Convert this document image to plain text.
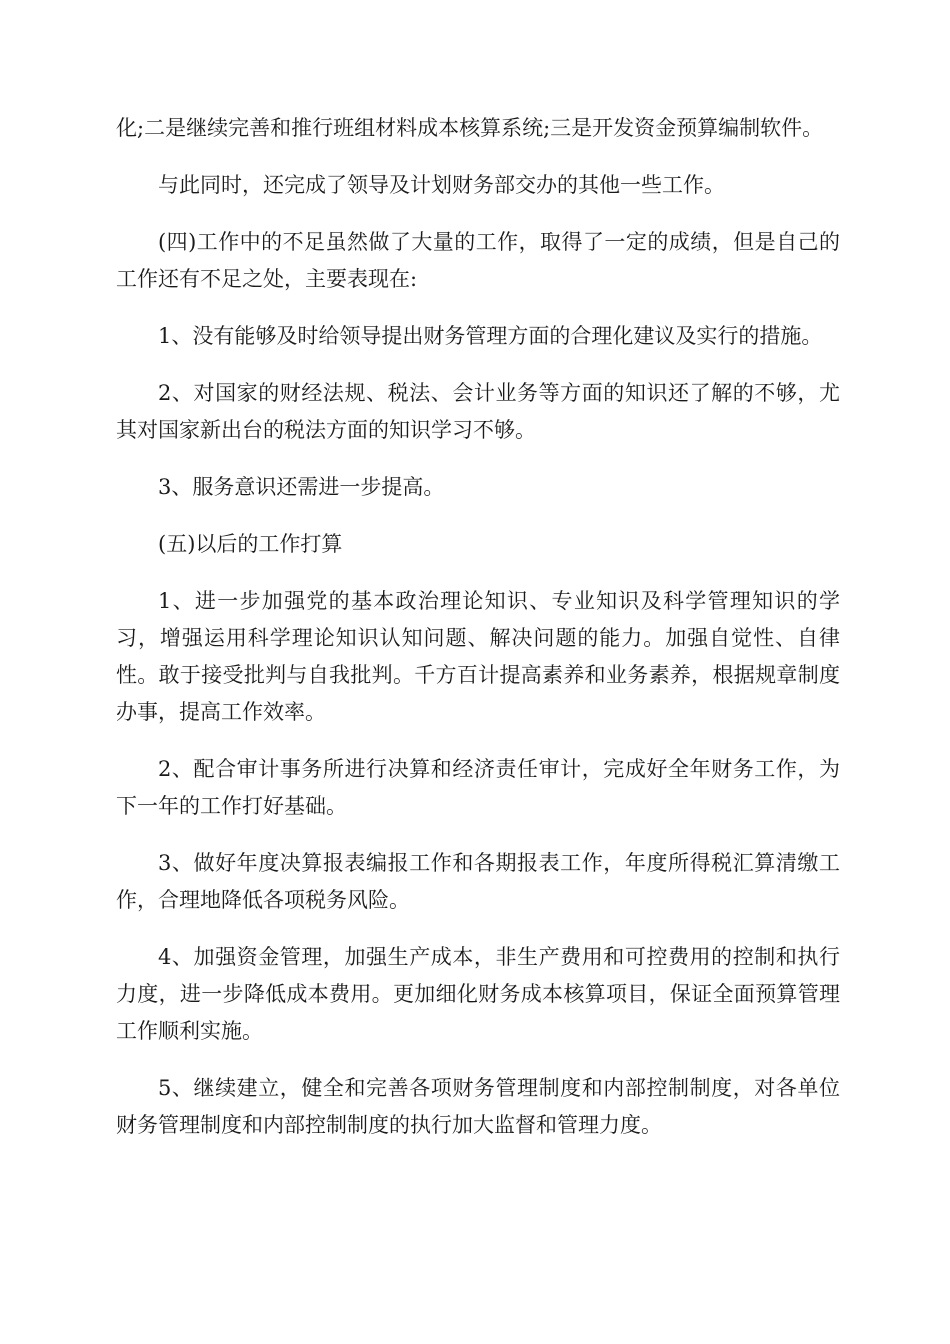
化;二是继续完善和推行班组材料成本核算系统;三是开发资金预算编制软件。

与此同时，还完成了领导及计划财务部交办的其他一些工作。

(四)工作中的不足虽然做了大量的工作，取得了一定的成绩，但是自己的工作还有不足之处，主要表现在:

1、没有能够及时给领导提出财务管理方面的合理化建议及实行的措施。

2、对国家的财经法规、税法、会计业务等方面的知识还了解的不够，尤其对国家新出台的税法方面的知识学习不够。

3、服务意识还需进一步提高。

(五)以后的工作打算

1、进一步加强党的基本政治理论知识、专业知识及科学管理知识的学习，增强运用科学理论知识认知问题、解决问题的能力。加强自觉性、自律性。敢于接受批判与自我批判。千方百计提高素养和业务素养，根据规章制度办事，提高工作效率。

2、配合审计事务所进行决算和经济责任审计，完成好全年财务工作，为下一年的工作打好基础。

3、做好年度决算报表编报工作和各期报表工作，年度所得税汇算清缴工作，合理地降低各项税务风险。

4、加强资金管理，加强生产成本，非生产费用和可控费用的控制和执行力度，进一步降低成本费用。更加细化财务成本核算项目，保证全面预算管理工作顺利实施。

5、继续建立，健全和完善各项财务管理制度和内部控制制度，对各单位财务管理制度和内部控制制度的执行加大监督和管理力度。
